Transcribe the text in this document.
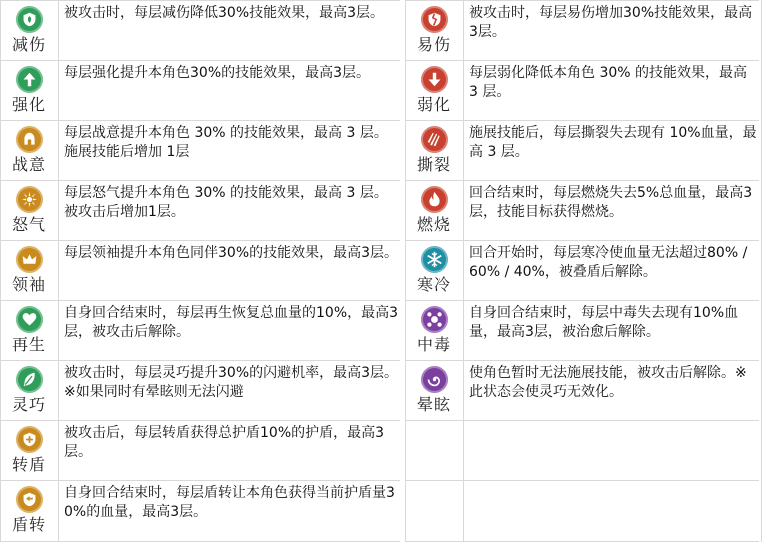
减伤
被攻击时，每层减伤降低30%技能效果，最高3层。
强化
每层强化提升本角色30%的技能效果，最高3层。
战意
每层战意提升本角色 30% 的技能效果，最高 3 层。 施展技能后增加 1层
怒气
每层怒气提升本角色 30% 的技能效果，最高 3 层。 被攻击后增加1层。
领袖
每层领袖提升本角色同伴30%的技能效果，最高3层。
再生
自身回合结束时，每层再生恢复总血量的10%，最高3层，被攻击后解除。
灵巧
被攻击时，每层灵巧提升30%的闪避机率，最高3层。※如果同时有晕眩则无法闪避
转盾
被攻击后，每层转盾获得总护盾10%的护盾，最高3层。
盾转
自身回合结束时，每层盾转让本角色获得当前护盾量30%的血量，最高3层。
易伤
被攻击时，每层易伤增加30%技能效果，最高3层。
弱化
每层弱化降低本角色 30% 的技能效果，最高 3 层。
撕裂
施展技能后，每层撕裂失去现有 10%血量，最高 3 层。
燃烧
回合结束时，每层燃烧失去5%总血量，最高3层，技能目标获得燃烧。
寒冷
回合开始时，每层寒冷使血量无法超过80% / 60% / 40%，被叠盾后解除。
中毒
自身回合结束时，每层中毒失去现有10%血量，最高3层，被治愈后解除。
晕眩
使角色暂时无法施展技能，被攻击后解除。※此状态会使灵巧无效化。
